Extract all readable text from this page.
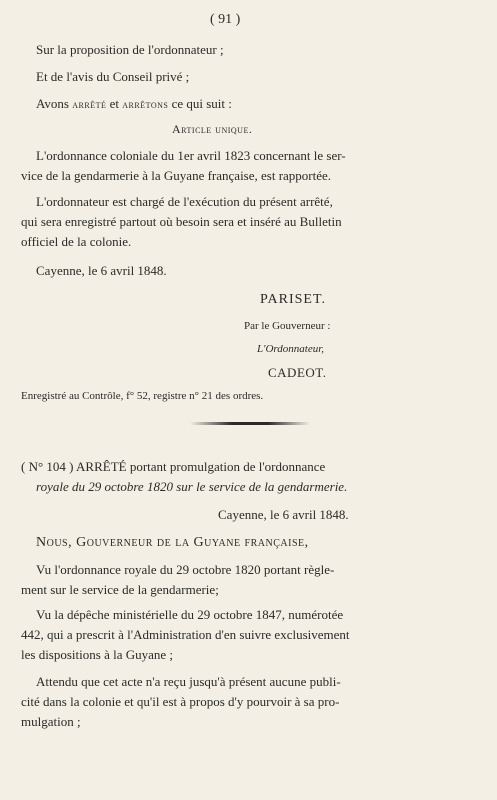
( 91 )
Sur la proposition de l'ordonnateur ;
Et de l'avis du Conseil privé ;
Avons arrêté et arrêtons ce qui suit :
Article unique.
L'ordonnance coloniale du 1er avril 1823 concernant le ser-
vice de la gendarmerie à la Guyane française, est rapportée.
L'ordonnateur est chargé de l'exécution du présent arrêté,
qui sera enregistré partout où besoin sera et inséré au Bulletin
officiel de la colonie.
Cayenne, le 6 avril 1848.
PARISET.
Par le Gouverneur :
L'Ordonnateur,
CADEOT.
Enregistré au Contrôle, f° 52, registre n° 21 des ordres.
( N° 104 ) ARRÊTÉ portant promulgation de l'ordonnance
royale du 29 octobre 1820 sur le service de la gendarmerie.
Cayenne, le 6 avril 1848.
Nous, Gouverneur de la Guyane française,
Vu l'ordonnance royale du 29 octobre 1820 portant règle-
ment sur le service de la gendarmerie;
Vu la dépêche ministérielle du 29 octobre 1847, numérotée
442, qui a prescrit à l'Administration d'en suivre exclusivement
les dispositions à la Guyane ;
Attendu que cet acte n'a reçu jusqu'à présent aucune publi-
cité dans la colonie et qu'il est à propos d'y pourvoir à sa pro-
mulgation ;
